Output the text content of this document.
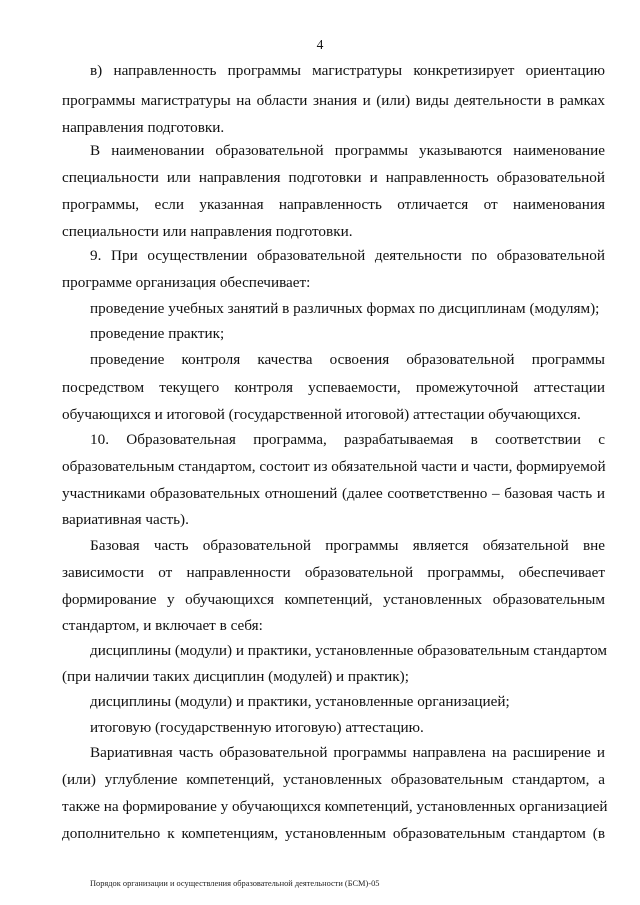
4
в) направленность программы магистратуры конкретизирует ориентацию
программы магистратуры на области знания и (или) виды деятельности в рамках
направления подготовки.
В наименовании образовательной программы указываются наименование
специальности или направления подготовки и направленность образовательной
программы, если указанная направленность отличается от наименования
специальности или направления подготовки.
9. При осуществлении образовательной деятельности по образовательной
программе организация обеспечивает:
проведение учебных занятий в различных формах по дисциплинам (модулям);
проведение практик;
проведение контроля качества освоения образовательной программы
посредством текущего контроля успеваемости, промежуточной аттестации
обучающихся и итоговой (государственной итоговой) аттестации обучающихся.
10. Образовательная программа, разрабатываемая в соответствии с
образовательным стандартом, состоит из обязательной части и части, формируемой
участниками образовательных отношений (далее соответственно – базовая часть и
вариативная часть).
Базовая часть образовательной программы является обязательной вне
зависимости от направленности образовательной программы, обеспечивает
формирование у обучающихся компетенций, установленных образовательным
стандартом, и включает в себя:
дисциплины (модули) и практики, установленные образовательным стандартом
(при наличии таких дисциплин (модулей) и практик);
дисциплины (модули) и практики, установленные организацией;
итоговую (государственную итоговую) аттестацию.
Вариативная часть образовательной программы направлена на расширение и
(или) углубление компетенций, установленных образовательным стандартом, а
также на формирование у обучающихся компетенций, установленных организацией
дополнительно к компетенциям, установленным образовательным стандартом (в
Порядок организации и осуществления образовательной деятельности (БСМ)-05
